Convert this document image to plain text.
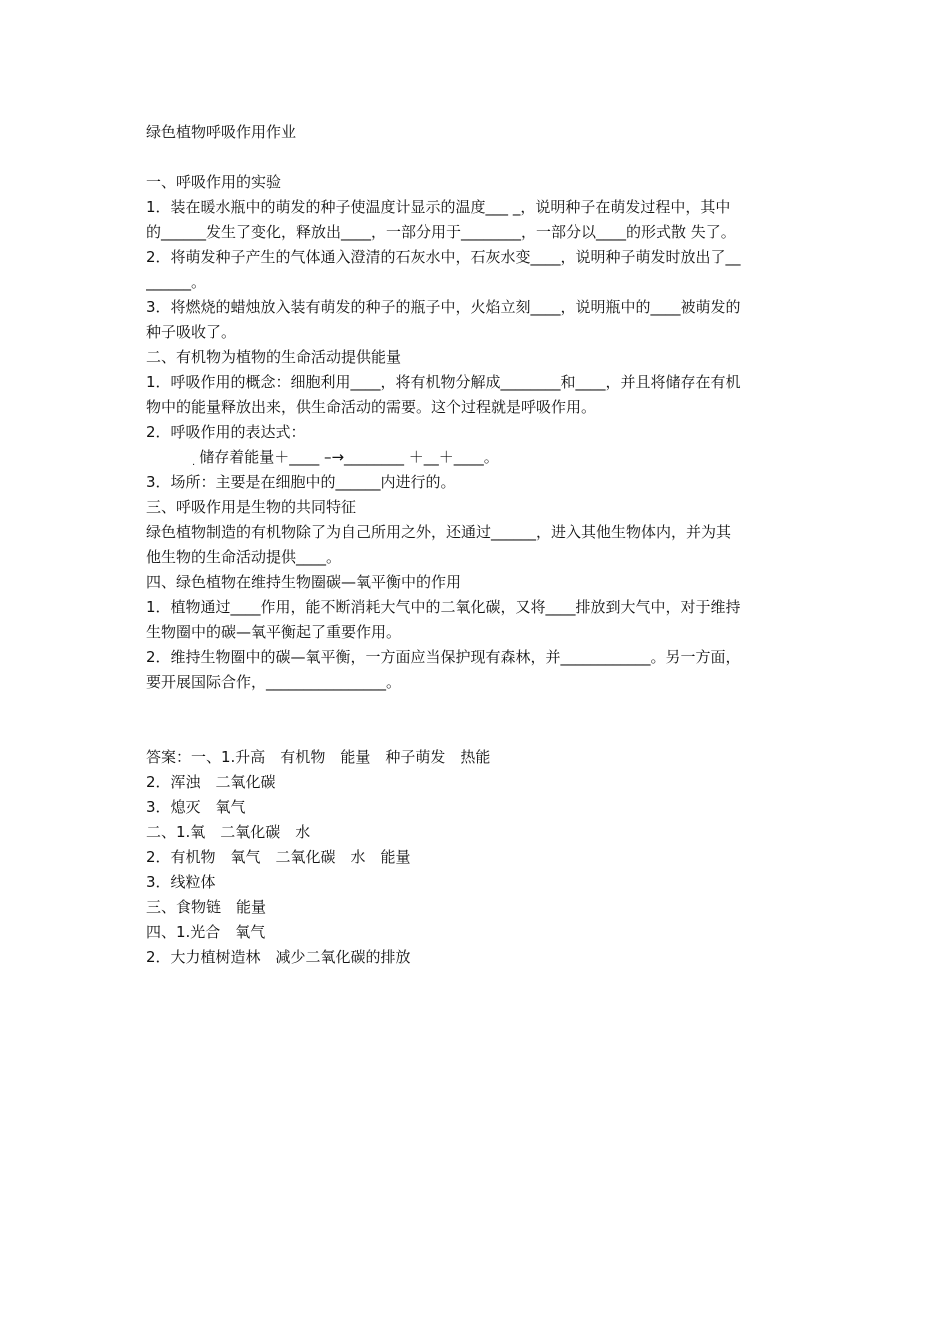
绿色植物呼吸作用作业
一、呼吸作用的实验
1．装在暖水瓶中的萌发的种子使温度计显示的温度___ _，说明种子在萌发过程中，其中
的______发生了变化，释放出____，一部分用于________，一部分以____的形式散 失了。
2．将萌发种子产生的气体通入澄清的石灰水中，石灰水变____，说明种子萌发时放出了__
______。
3．将燃烧的蜡烛放入装有萌发的种子的瓶子中，火焰立刻____，说明瓶中的____被萌发的
种子吸收了。
二、有机物为植物的生命活动提供能量
1．呼吸作用的概念：细胞利用____，将有机物分解成________和____，并且将储存在有机
物中的能量释放出来，供生命活动的需要。这个过程就是呼吸作用。
2．呼吸作用的表达式：
$_.$ 储存着能量＋____ –→________ ＋__＋____。
3．场所：主要是在细胞中的______内进行的。
三、呼吸作用是生物的共同特征
绿色植物制造的有机物除了为自己所用之外，还通过______，进入其他生物体内，并为其
他生物的生命活动提供____。
四、绿色植物在维持生物圈碳—氧平衡中的作用
1．植物通过____作用，能不断消耗大气中的二氧化碳，又将____排放到大气中，对于维持
生物圈中的碳—氧平衡起了重要作用。
2．维持生物圈中的碳—氧平衡，一方面应当保护现有森林，并____________。另一方面，
要开展国际合作，________________。
答案：一、1.升高　有机物　能量　种子萌发　热能
2．浑浊　二氧化碳
3．熄灭　氧气
二、1.氧　二氧化碳　水
2．有机物　氧气　二氧化碳　水　能量
3．线粒体
三、食物链　能量
四、1.光合　氧气
2．大力植树造林　减少二氧化碳的排放
